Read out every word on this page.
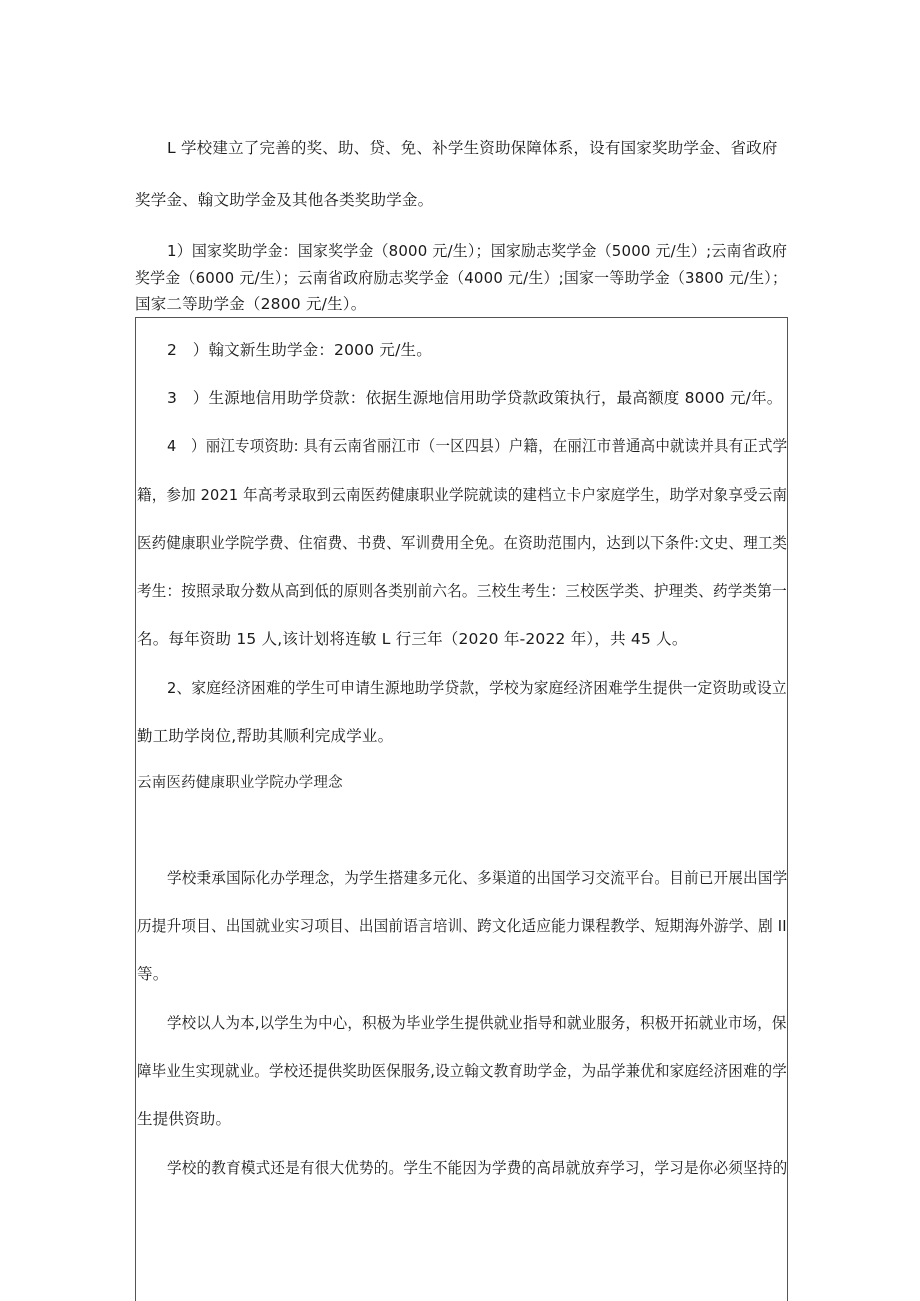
L 学校建立了完善的奖、助、贷、免、补学生资助保障体系，设有国家奖助学金、省政府
奖学金、翰文助学金及其他各类奖助学金。
1）国家奖助学金：国家奖学金（8000 元/生）；国家励志奖学金（5000 元/生）;云南省政府
奖学金（6000 元/生）；云南省政府励志奖学金（4000 元/生）;国家一等助学金（3800 元/生）；
国家二等助学金（2800 元/生）。
2　）翰文新生助学金：2000 元/生。
3　）生源地信用助学贷款：依据生源地信用助学贷款政策执行，最高额度 8000 元/年。
4　）丽江专项资助: 具有云南省丽江市（一区四县）户籍，在丽江市普通高中就读并具有正式学
籍，参加 2021 年高考录取到云南医药健康职业学院就读的建档立卡户家庭学生，助学对象享受云南
医药健康职业学院学费、住宿费、书费、军训费用全免。在资助范围内，达到以下条件:文史、理工类
考生：按照录取分数从高到低的原则各类别前六名。三校生考生：三校医学类、护理类、药学类第一
名。每年资助 15 人,该计划将连敏 L 行三年（2020 年-2022 年），共 45 人。
2、家庭经济困难的学生可申请生源地助学贷款，学校为家庭经济困难学生提供一定资助或设立
勤工助学岗位,帮助其顺利完成学业。
云南医药健康职业学院办学理念
学校秉承国际化办学理念，为学生搭建多元化、多渠道的出国学习交流平台。目前已开展出国学
历提升项目、出国就业实习项目、出国前语言培训、跨文化适应能力课程教学、短期海外游学、剧 II
等。
学校以人为本,以学生为中心，积极为毕业学生提供就业指导和就业服务，积极开拓就业市场，保
障毕业生实现就业。学校还提供奖助医保服务,设立翰文教育助学金，为品学兼优和家庭经济困难的学
生提供资助。
学校的教育模式还是有很大优势的。学生不能因为学费的高昂就放弃学习，学习是你必须坚持的
